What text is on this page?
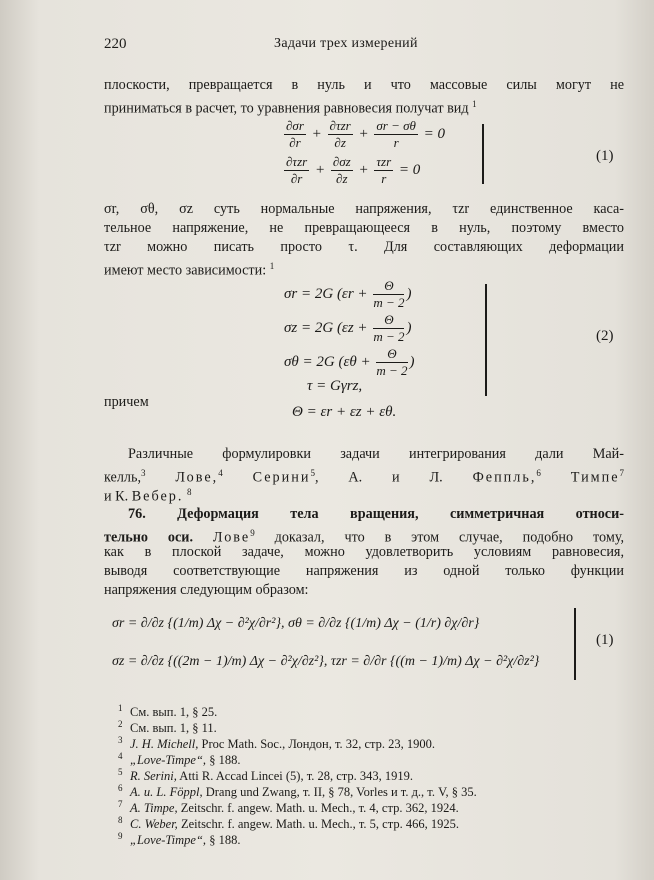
220	Задачи трех измерений
плоскости, превращается в нуль и что массовые силы могут не
приниматься в расчет, то уравнения равновесия получат вид $^1$
$\frac{\partial\sigma r}{\partial r} + \frac{\text{∂τzr}}{\partial z} + \frac{\sigma r - \sigma\theta}{r} = 0$
$\frac{\text{∂τzr}}{\partial r} + \frac{\partial\sigma z}{\partial z} + \frac{\text{τzr}}{r} = 0$
(1)
σr, σθ, σz суть нормальные напряжения, τzr единственное каса-
тельное напряжение, не превращающееся в нуль, поэтому вместо
τzr можно писать просто τ. Для составляющих деформации
имеют место зависимости: $^1$
σr = 2G ($\varepsilon r + \frac{\Theta}{m - 2}$ )
σz = 2G ($\varepsilon z + \frac{\Theta}{m - 2}$ )
σθ = 2G ($\varepsilon\theta + \frac{\Theta}{m - 2}$ )
τ = Gγrz,
(2)
причем
Θ = εr + εz + εθ.
Различные формулировки задачи интегрирования дали Май-
келль,$^3$ Лове,$^4$ Серини$^5$, А. и Л. Феппль,$^6$ Тимпе$^7$
и К. Вебер. $^8$
76. Деформация тела вращения, симметричная относи-
тельно оси. Лове$^9$ доказал, что в этом случае, подобно тому,
как в плоской задаче, можно удовлетворить условиям равновесия,
выводя соответствующие напряжения из одной только функции
напряжения следующим образом:
σr = ∂/∂z {(1/m) Δχ − ∂²χ/∂r²}, σθ = ∂/∂z {(1/m) Δχ − (1/r) ∂χ/∂r}
σz = ∂/∂z {((2m − 1)/m) Δχ − ∂²χ/∂z²}, τzr = ∂/∂r {((m − 1)/m) Δχ − ∂²χ/∂z²}
(1)
1 См. вып. 1, § 25.
2 См. вып. 1, § 11.
3 J. H. Michell, Proc Math. Soc., Лондон, т. 32, стр. 23, 1900.
4 „Love-Timpe“, § 188.
5 R. Serini, Atti R. Accad Lincei (5), т. 28, стр. 343, 1919.
6 A. u. L. Föppl, Drang und Zwang, т. II, § 78, Vorles и т. д., т. V, § 35.
7 A. Timpe, Zeitschr. f. angew. Math. u. Mech., т. 4, стр. 362, 1924.
8 C. Weber, Zeitschr. f. angew. Math. u. Mech., т. 5, стр. 466, 1925.
9 „Love-Timpe“, § 188.
